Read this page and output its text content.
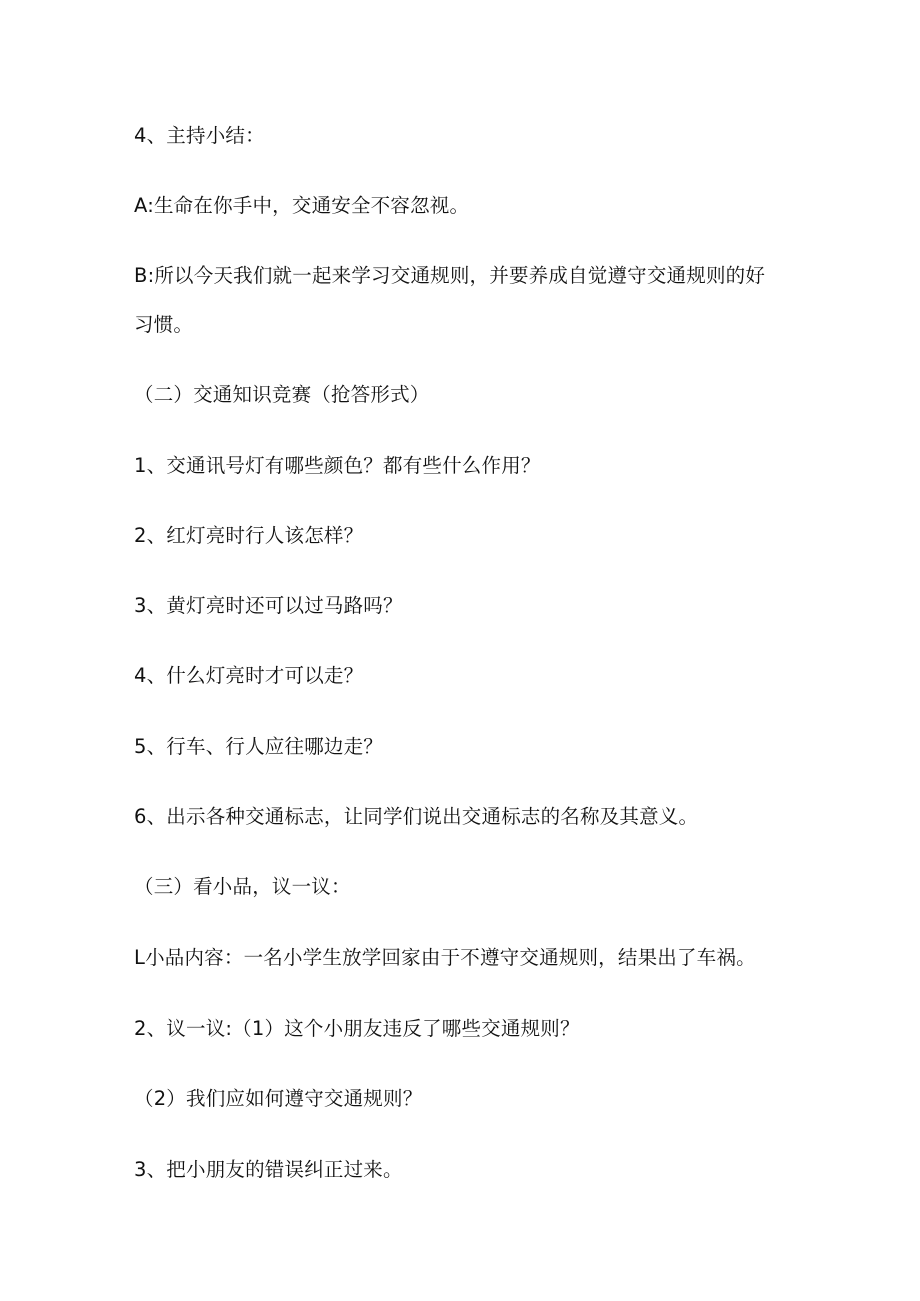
4、主持小结：
A:生命在你手中，交通安全不容忽视。
B:所以今天我们就一起来学习交通规则，并要养成自觉遵守交通规则的好
习惯。
（二）交通知识竞赛（抢答形式）
1、交通讯号灯有哪些颜色？都有些什么作用？
2、红灯亮时行人该怎样？
3、黄灯亮时还可以过马路吗？
4、什么灯亮时才可以走？
5、行车、行人应往哪边走？
6、出示各种交通标志，让同学们说出交通标志的名称及其意义。
（三）看小品，议一议：
L小品内容：一名小学生放学回家由于不遵守交通规则，结果出了车祸。
2、议一议:（1）这个小朋友违反了哪些交通规则？
（2）我们应如何遵守交通规则？
3、把小朋友的错误纠正过来。
